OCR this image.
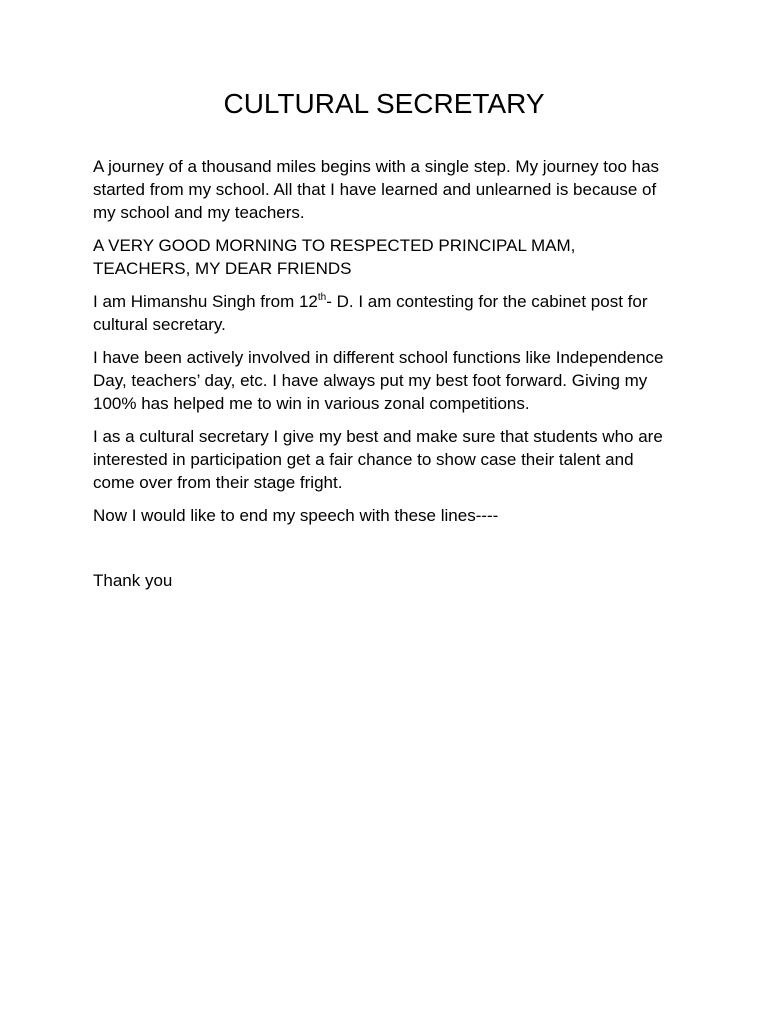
CULTURAL SECRETARY

A journey of a thousand miles begins with a single step. My journey too has started from my school. All that I have learned and unlearned is because of my school and my teachers.

A VERY GOOD MORNING TO RESPECTED PRINCIPAL MAM, TEACHERS, MY DEAR FRIENDS

I am Himanshu Singh from 12th- D. I am contesting for the cabinet post for cultural secretary.

I have been actively involved in different school functions like Independence Day, teachers’ day, etc. I have always put my best foot forward. Giving my 100% has helped me to win in various zonal competitions.

I as a cultural secretary I give my best and make sure that students who are interested in participation get a fair chance to show case their talent and come over from their stage fright.

Now I would like to end my speech with these lines----

Thank you
